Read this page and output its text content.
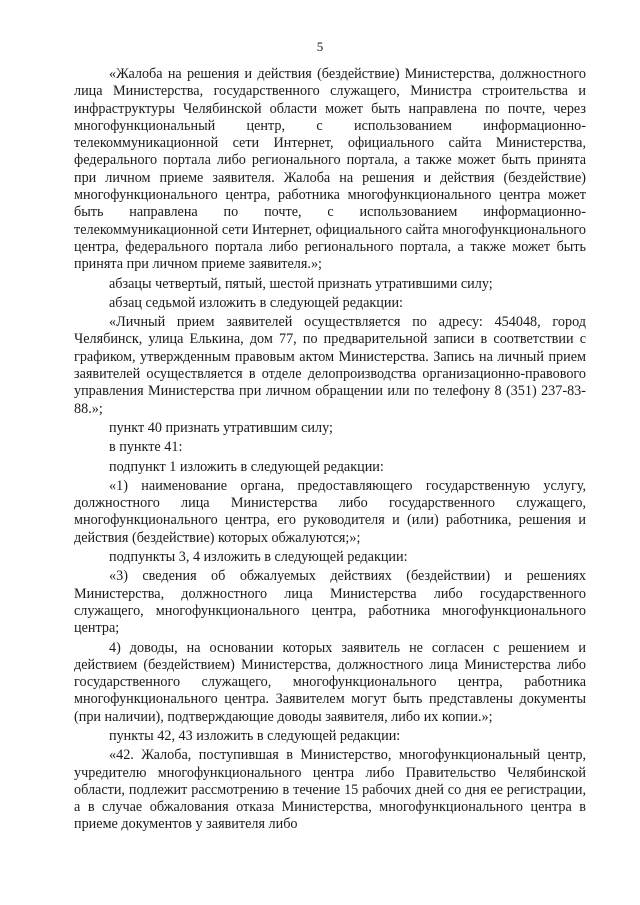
5

«Жалоба на решения и действия (бездействие) Министерства, должностного лица Министерства, государственного служащего, Министра строительства и инфраструктуры Челябинской области может быть направлена по почте, через многофункциональный центр, с использованием информационно-телекоммуникационной сети Интернет, официального сайта Министерства, федерального портала либо регионального портала, а также может быть принята при личном приеме заявителя. Жалоба на решения и действия (бездействие) многофункционального центра, работника многофункционального центра может быть направлена по почте, с использованием информационно-телекоммуникационной сети Интернет, официального сайта многофункционального центра, федерального портала либо регионального портала, а также может быть принята при личном приеме заявителя.»;

абзацы четвертый, пятый, шестой признать утратившими силу;

абзац седьмой изложить в следующей редакции:

«Личный прием заявителей осуществляется по адресу: 454048, город Челябинск, улица Елькина, дом 77, по предварительной записи в соответствии с графиком, утвержденным правовым актом Министерства. Запись на личный прием заявителей осуществляется в отделе делопроизводства организационно-правового управления Министерства при личном обращении или по телефону 8 (351) 237-83-88.»;

пункт 40 признать утратившим силу;

в пункте 41:

подпункт 1 изложить в следующей редакции:

«1) наименование органа, предоставляющего государственную услугу, должностного лица Министерства либо государственного служащего, многофункционального центра, его руководителя и (или) работника, решения и действия (бездействие) которых обжалуются;»;

подпункты 3, 4 изложить в следующей редакции:

«3) сведения об обжалуемых действиях (бездействии) и решениях Министерства, должностного лица Министерства либо государственного служащего, многофункционального центра, работника многофункционального центра;

4) доводы, на основании которых заявитель не согласен с решением и действием (бездействием) Министерства, должностного лица Министерства либо государственного служащего, многофункционального центра, работника многофункционального центра. Заявителем могут быть представлены документы (при наличии), подтверждающие доводы заявителя, либо их копии.»;

пункты 42, 43 изложить в следующей редакции:

«42. Жалоба, поступившая в Министерство, многофункциональный центр, учредителю многофункционального центра либо Правительство Челябинской области, подлежит рассмотрению в течение 15 рабочих дней со дня ее регистрации, а в случае обжалования отказа Министерства, многофункционального центра в приеме документов у заявителя либо
